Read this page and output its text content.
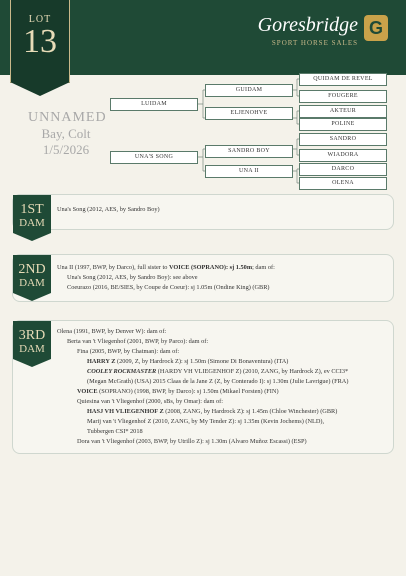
LOT
13	Goresbridge
SPORT HORSE SALES
G
UNNAMED
Bay, Colt
1/5/2026
LUIDAM
UNA'S SONG
GUIDAM
ELJENOHVE
SANDRO BOY
UNA II
QUIDAM DE REVEL
FOUGERE
AKTEUR
POLINE
SANDRO
WIADORA
DARCO
OLENA
1ST
DAM
Una's Song (2012, AES, by Sandro Boy)
2ND
DAM
Una II (1997, BWP, by Darco), full sister to VOICE (SOPRANO): sj 1.50m; dam of:
Una's Song (2012, AES, by Sandro Boy): see above
Coeurazo (2016, BE/SIES, by Coupe de Coeur): sj 1.05m (Ondine King) (GBR)
3RD
DAM
Olena (1991, BWP, by Denver W): dam of:
Berta van 't Vliegenhof (2001, BWP, by Parco): dam of:
Fina (2005, BWP, by Chatman): dam of:
HARRY Z (2009, Z, by Hardrock Z): sj 1.50m (Simone Di Bonaventura) (ITA)
COOLEY ROCKMASTER (HARDY VH VLIEGENHOF Z) (2010, ZANG, by Hardrock Z), ev CCI3*
(Megan McGrath) (USA) 2015 Claas de la Jane Z (Z, by Conterado I): sj 1.30m (Julie Lavrigue) (FRA)
VOICE (SOPRANO) (1998, BWP, by Darco): sj 1.50m (Mikael Forsten) (FIN)
Quiesina van 't Vliegenhof (2000, sBs, by Omar): dam of:
HASJ VH VLIEGENHOF Z (2008, ZANG, by Hardrock Z): sj 1.45m (Chloe Winchester) (GBR)
Marij van 't Vliegenhof Z (2010, ZANG, by My Tender Z): sj 1.35m (Kevin Jochems) (NLD),
Tubbergen CSI* 2018
Dora van 't Vliegenhof (2003, BWP, by Utrillo Z): sj 1.30m (Alvaro Muñoz Escassi) (ESP)
